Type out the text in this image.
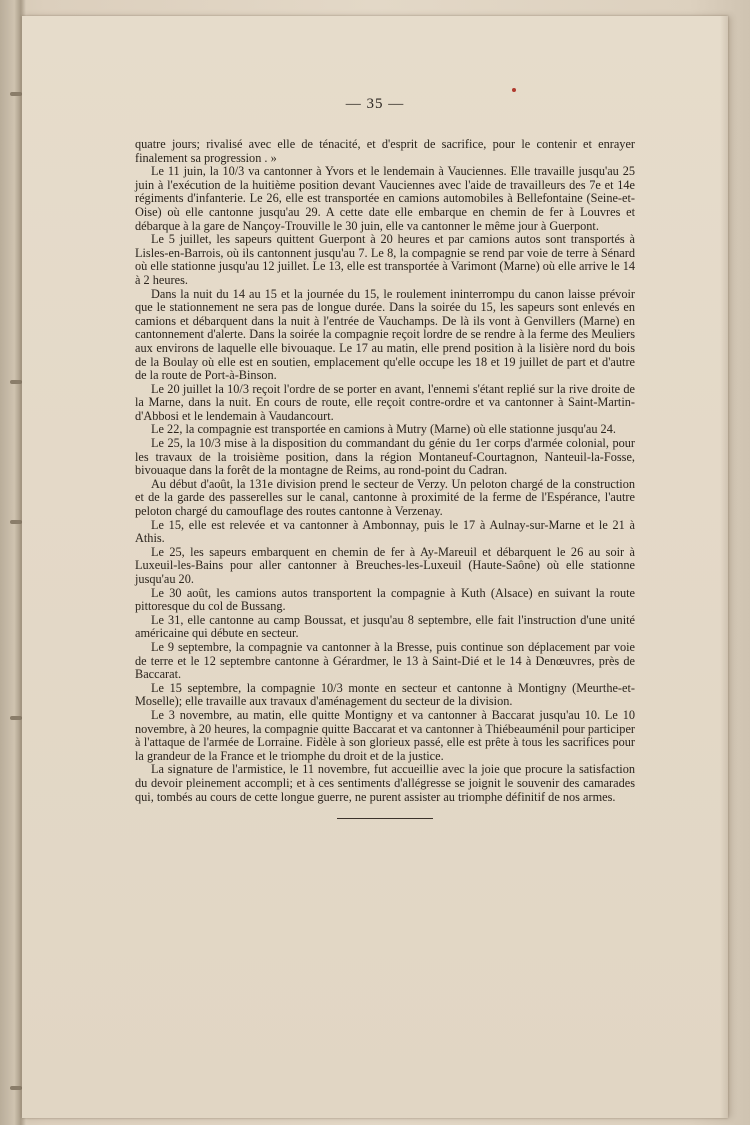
— 35 —

quatre jours; rivalisé avec elle de ténacité, et d'esprit de sacrifice, pour le contenir et enrayer finalement sa progression . »

Le 11 juin, la 10/3 va cantonner à Yvors et le lendemain à Vauciennes. Elle travaille jusqu'au 25 juin à l'exécution de la huitième position devant Vauciennes avec l'aide de travailleurs des 7e et 14e régiments d'infanterie. Le 26, elle est transportée en camions automobiles à Bellefontaine (Seine-et-Oise) où elle cantonne jusqu'au 29. A cette date elle embarque en chemin de fer à Louvres et débarque à la gare de Nançoy-Trouville le 30 juin, elle va cantonner le même jour à Guerpont.

Le 5 juillet, les sapeurs quittent Guerpont à 20 heures et par camions autos sont transportés à Lisles-en-Barrois, où ils cantonnent jusqu'au 7. Le 8, la compagnie se rend par voie de terre à Sénard où elle stationne jusqu'au 12 juillet. Le 13, elle est transportée à Varimont (Marne) où elle arrive le 14 à 2 heures.

Dans la nuit du 14 au 15 et la journée du 15, le roulement ininterrompu du canon laisse prévoir que le stationnement ne sera pas de longue durée. Dans la soirée du 15, les sapeurs sont enlevés en camions et débarquent dans la nuit à l'entrée de Vauchamps. De là ils vont à Genvillers (Marne) en cantonnement d'alerte. Dans la soirée la compagnie reçoit lordre de se rendre à la ferme des Meuliers aux environs de laquelle elle bivouaque. Le 17 au matin, elle prend position à la lisière nord du bois de la Boulay où elle est en soutien, emplacement qu'elle occupe les 18 et 19 juillet de part et d'autre de la route de Port-à-Binson.

Le 20 juillet la 10/3 reçoit l'ordre de se porter en avant, l'ennemi s'étant replié sur la rive droite de la Marne, dans la nuit. En cours de route, elle reçoit contre-ordre et va cantonner à Saint-Martin-d'Abbosi et le lendemain à Vaudancourt.

Le 22, la compagnie est transportée en camions à Mutry (Marne) où elle stationne jusqu'au 24.

Le 25, la 10/3 mise à la disposition du commandant du génie du 1er corps d'armée colonial, pour les travaux de la troisième position, dans la région Montaneuf-Courtagnon, Nanteuil-la-Fosse, bivouaque dans la forêt de la montagne de Reims, au rond-point du Cadran.

Au début d'août, la 131e division prend le secteur de Verzy. Un peloton chargé de la construction et de la garde des passerelles sur le canal, cantonne à proximité de la ferme de l'Espérance, l'autre peloton chargé du camouflage des routes cantonne à Verzenay.

Le 15, elle est relevée et va cantonner à Ambonnay, puis le 17 à Aulnay-sur-Marne et le 21 à Athis.

Le 25, les sapeurs embarquent en chemin de fer à Ay-Mareuil et débarquent le 26 au soir à Luxeuil-les-Bains pour aller cantonner à Breuches-les-Luxeuil (Haute-Saône) où elle stationne jusqu'au 20.

Le 30 août, les camions autos transportent la compagnie à Kuth (Alsace) en suivant la route pittoresque du col de Bussang.

Le 31, elle cantonne au camp Boussat, et jusqu'au 8 septembre, elle fait l'instruction d'une unité américaine qui débute en secteur.

Le 9 septembre, la compagnie va cantonner à la Bresse, puis continue son déplacement par voie de terre et le 12 septembre cantonne à Gérardmer, le 13 à Saint-Dié et le 14 à Denœuvres, près de Baccarat.

Le 15 septembre, la compagnie 10/3 monte en secteur et cantonne à Montigny (Meurthe-et-Moselle); elle travaille aux travaux d'aménagement du secteur de la division.

Le 3 novembre, au matin, elle quitte Montigny et va cantonner à Baccarat jusqu'au 10. Le 10 novembre, à 20 heures, la compagnie quitte Baccarat et va cantonner à Thiébeauménil pour participer à l'attaque de l'armée de Lorraine. Fidèle à son glorieux passé, elle est prête à tous les sacrifices pour la grandeur de la France et le triomphe du droit et de la justice.

La signature de l'armistice, le 11 novembre, fut accueillie avec la joie que procure la satisfaction du devoir pleinement accompli; et à ces sentiments d'allégresse se joignit le souvenir des camarades qui, tombés au cours de cette longue guerre, ne purent assister au triomphe définitif de nos armes.
